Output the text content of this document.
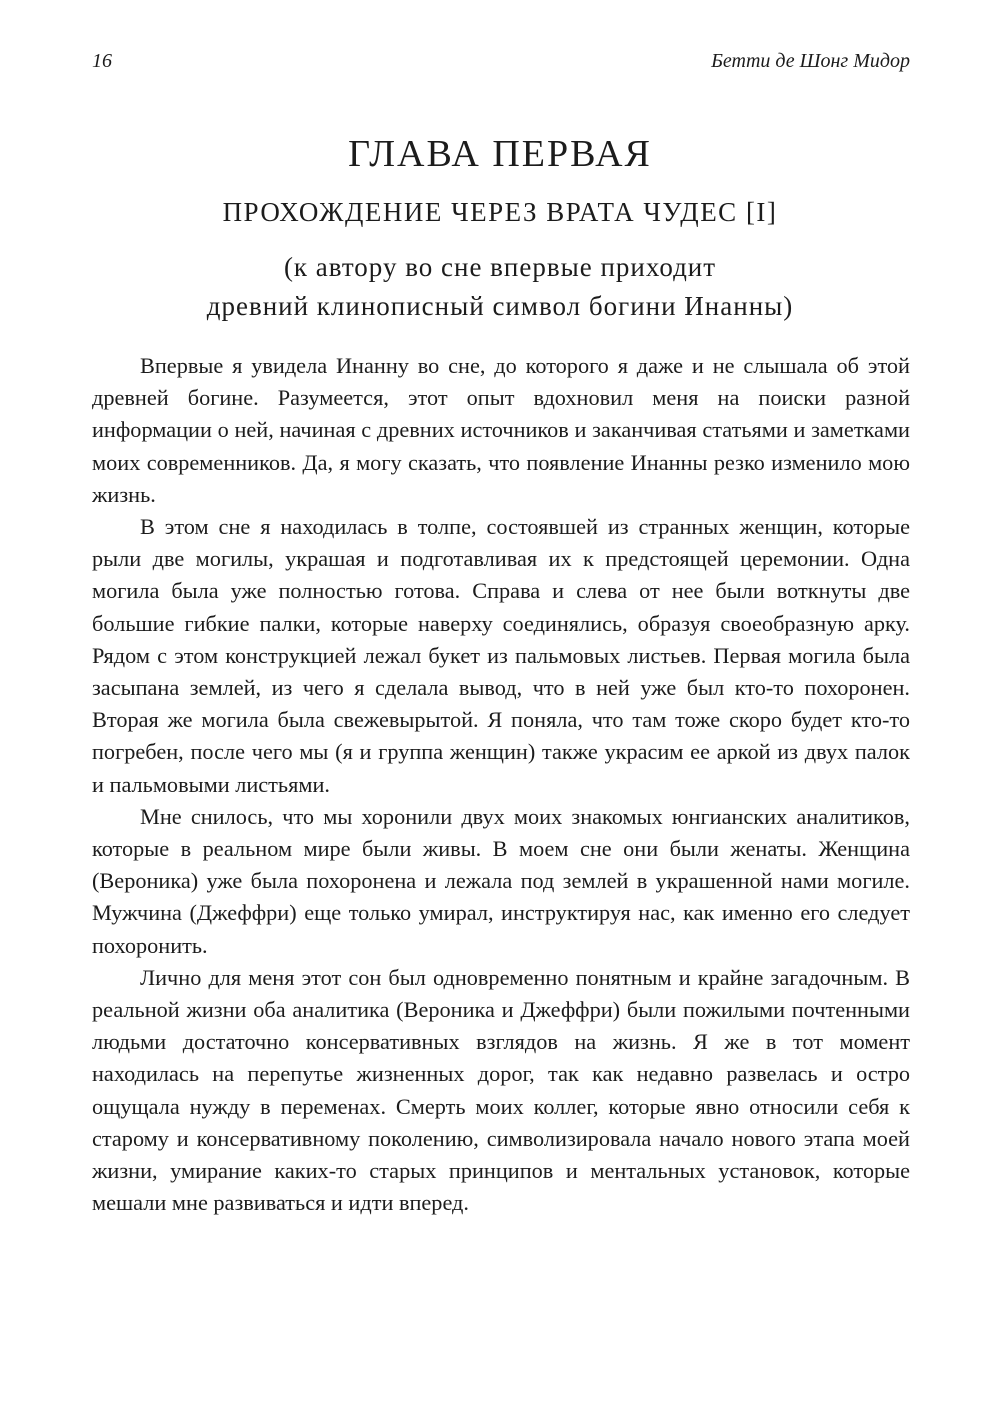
16	Бетти де Шонг Мидор
ГЛАВА ПЕРВАЯ
ПРОХОЖДЕНИЕ ЧЕРЕЗ ВРАТА ЧУДЕС [I]
(к автору во сне впервые приходит
древний клинописный символ богини Инанны)

Впервые я увидела Инанну во сне, до которого я даже и не слышала об этой древней богине. Разумеется, этот опыт вдохновил меня на поиски разной информации о ней, начиная с древних источников и заканчивая статьями и заметками моих современников. Да, я могу сказать, что появление Инанны резко изменило мою жизнь.

В этом сне я находилась в толпе, состоявшей из странных женщин, которые рыли две могилы, украшая и подготавливая их к предстоящей церемонии. Одна могила была уже полностью готова. Справа и слева от нее были воткнуты две большие гибкие палки, которые наверху соединялись, образуя своеобразную арку. Рядом с этом конструкцией лежал букет из пальмовых листьев. Первая могила была засыпана землей, из чего я сделала вывод, что в ней уже был кто-то похоронен. Вторая же могила была свежевырытой. Я поняла, что там тоже скоро будет кто-то погребен, после чего мы (я и группа женщин) также украсим ее аркой из двух палок и пальмовыми листьями.

Мне снилось, что мы хоронили двух моих знакомых юнгианских аналитиков, которые в реальном мире были живы. В моем сне они были женаты. Женщина (Вероника) уже была похоронена и лежала под землей в украшенной нами могиле. Мужчина (Джеффри) еще только умирал, инструктируя нас, как именно его следует похоронить.

Лично для меня этот сон был одновременно понятным и крайне загадочным. В реальной жизни оба аналитика (Вероника и Джеффри) были пожилыми почтенными людьми достаточно консервативных взглядов на жизнь. Я же в тот момент находилась на перепутье жизненных дорог, так как недавно развелась и остро ощущала нужду в переменах. Смерть моих коллег, которые явно относили себя к старому и консервативному поколению, символизировала начало нового этапа моей жизни, умирание каких-то старых принципов и ментальных установок, которые мешали мне развиваться и идти вперед.
